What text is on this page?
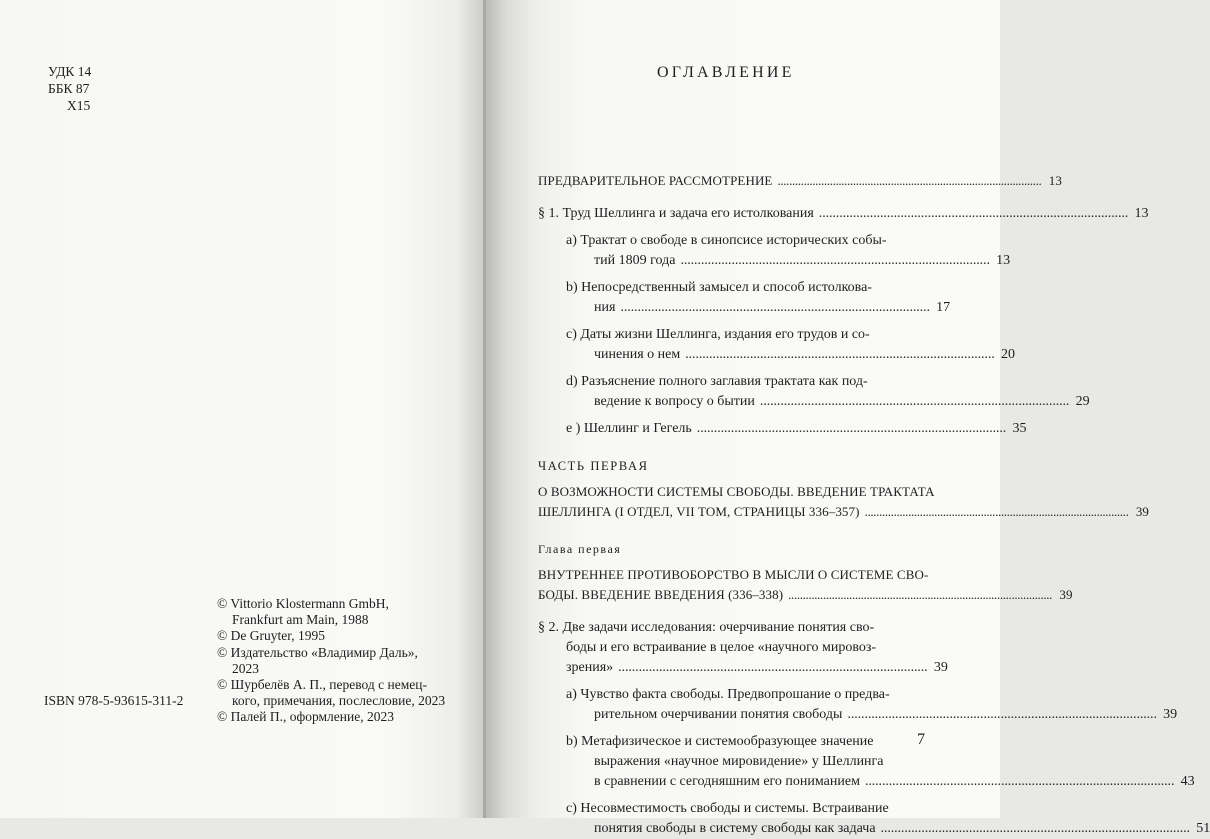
УДК 14
ББК 87
Х15
© Vittorio Klostermann GmbH,
Frankfurt am Main, 1988
© De Gruyter, 1995
© Издательство «Владимир Даль»,
2023
© Шурбелёв А. П., перевод с немец-
кого, примечания, послесловие, 2023
© Палей П., оформление, 2023
ISBN 978-5-93615-311-2
ОГЛАВЛЕНИЕ
ПРЕДВАРИТЕЛЬНОЕ РАССМОТРЕНИЕ . . .	13
§ 1. Труд Шеллинга и задача его истолкования . . .	13
a) Трактат о свободе в синопсисе исторических собы-
тий 1809 года . . .	13
b) Непосредственный замысел и способ истолкова-
ния . . .	17
c) Даты жизни Шеллинга, издания его трудов и со-
чинения о нем . . .	20
d) Разъяснение полного заглавия трактата как под-
ведение к вопросу о бытии . . .	29
e ) Шеллинг и Гегель . . .	35
ЧАСТЬ ПЕРВАЯ
О ВОЗМОЖНОСТИ СИСТЕМЫ СВОБОДЫ. ВВЕДЕНИЕ ТРАКТАТА
ШЕЛЛИНГА (I ОТДЕЛ, VII ТОМ, СТРАНИЦЫ 336–357) . . .	39
Глава первая
ВНУТРЕННЕЕ ПРОТИВОБОРСТВО В МЫСЛИ О СИСТЕМЕ СВО-
БОДЫ. ВВЕДЕНИЕ ВВЕДЕНИЯ (336–338) . . .	39
§ 2. Две задачи исследования: очерчивание понятия сво-
боды и его встраивание в целое «научного мировоз-
зрения» . . .	39
a) Чувство факта свободы. Предвопрошание о предва-
рительном очерчивании понятия свободы . . .	39
b) Метафизическое и системообразующее значение
выражения «научное мировидение» у Шеллинга
в сравнении с сегодняшним его пониманием . . .	43
c) Несовместимость свободы и системы. Встраивание
понятия свободы в систему свободы как задача . . .	51
7
